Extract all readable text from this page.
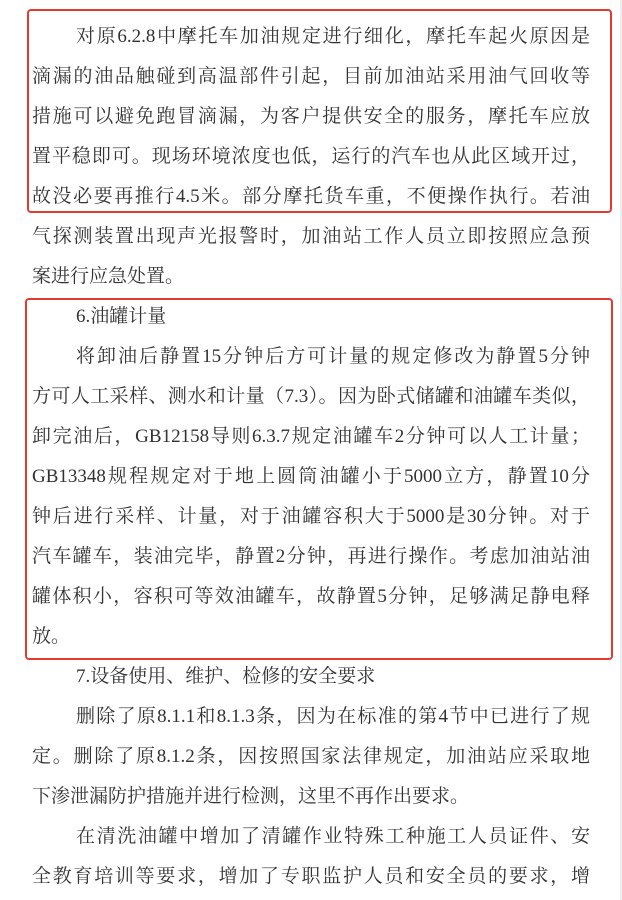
对原6.2.8中摩托车加油规定进行细化，摩托车起火原因是
滴漏的油品触碰到高温部件引起，目前加油站采用油气回收等
措施可以避免跑冒滴漏，为客户提供安全的服务，摩托车应放
置平稳即可。现场环境浓度也低，运行的汽车也从此区域开过，
故没必要再推行4.5米。部分摩托货车重，不便操作执行。若油
气探测装置出现声光报警时，加油站工作人员立即按照应急预
案进行应急处置。
6.油罐计量
将卸油后静置15分钟后方可计量的规定修改为静置5分钟
方可人工采样、测水和计量（7.3）。因为卧式储罐和油罐车类似，
卸完油后，GB12158导则6.3.7规定油罐车2分钟可以人工计量；
GB13348规程规定对于地上圆筒油罐小于5000立方，静置10分
钟后进行采样、计量，对于油罐容积大于5000是30分钟。对于
汽车罐车，装油完毕，静置2分钟，再进行操作。考虑加油站油
罐体积小，容积可等效油罐车，故静置5分钟，足够满足静电释
放。
7.设备使用、维护、检修的安全要求
删除了原8.1.1和8.1.3条，因为在标准的第4节中已进行了规
定。删除了原8.1.2条，因按照国家法律规定，加油站应采取地
下渗泄漏防护措施并进行检测，这里不再作出要求。
在清洗油罐中增加了清罐作业特殊工种施工人员证件、安
全教育培训等要求，增加了专职监护人员和安全员的要求，增
